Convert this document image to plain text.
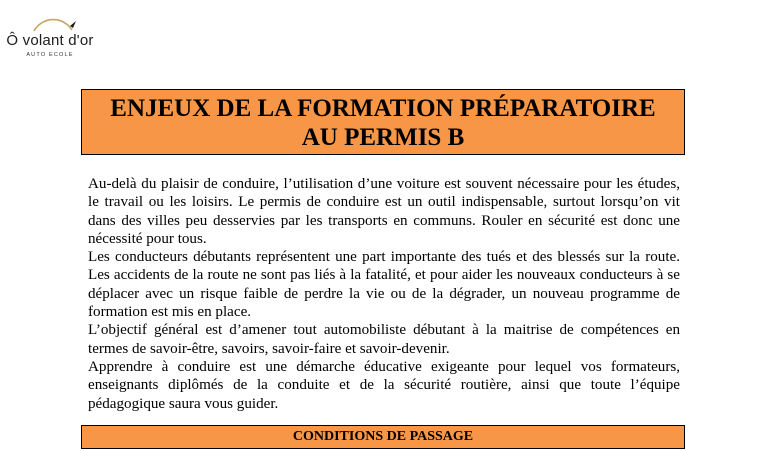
Ô volant d'or
AUTO ECOLE
ENJEUX DE LA FORMATION PRÉPARATOIRE
AU PERMIS B

Au-delà du plaisir de conduire, l’utilisation d’une voiture est souvent nécessaire pour les études, le travail ou les loisirs. Le permis de conduire est un outil indispensable, surtout lorsqu’on vit dans des villes peu desservies par les transports en communs. Rouler en sécurité est donc une nécessité pour tous.

Les conducteurs débutants représentent une part importante des tués et des blessés sur la route. Les accidents de la route ne sont pas liés à la fatalité, et pour aider les nouveaux conducteurs à se déplacer avec un risque faible de perdre la vie ou de la dégrader, un nouveau programme de formation est mis en place.

L’objectif général est d’amener tout automobiliste débutant à la maitrise de compétences en termes de savoir-être, savoirs, savoir-faire et savoir-devenir.

Apprendre à conduire est une démarche éducative exigeante pour lequel vos formateurs, enseignants diplômés de la conduite et de la sécurité routière, ainsi que toute l’équipe pédagogique saura vous guider.

CONDITIONS DE PASSAGE
